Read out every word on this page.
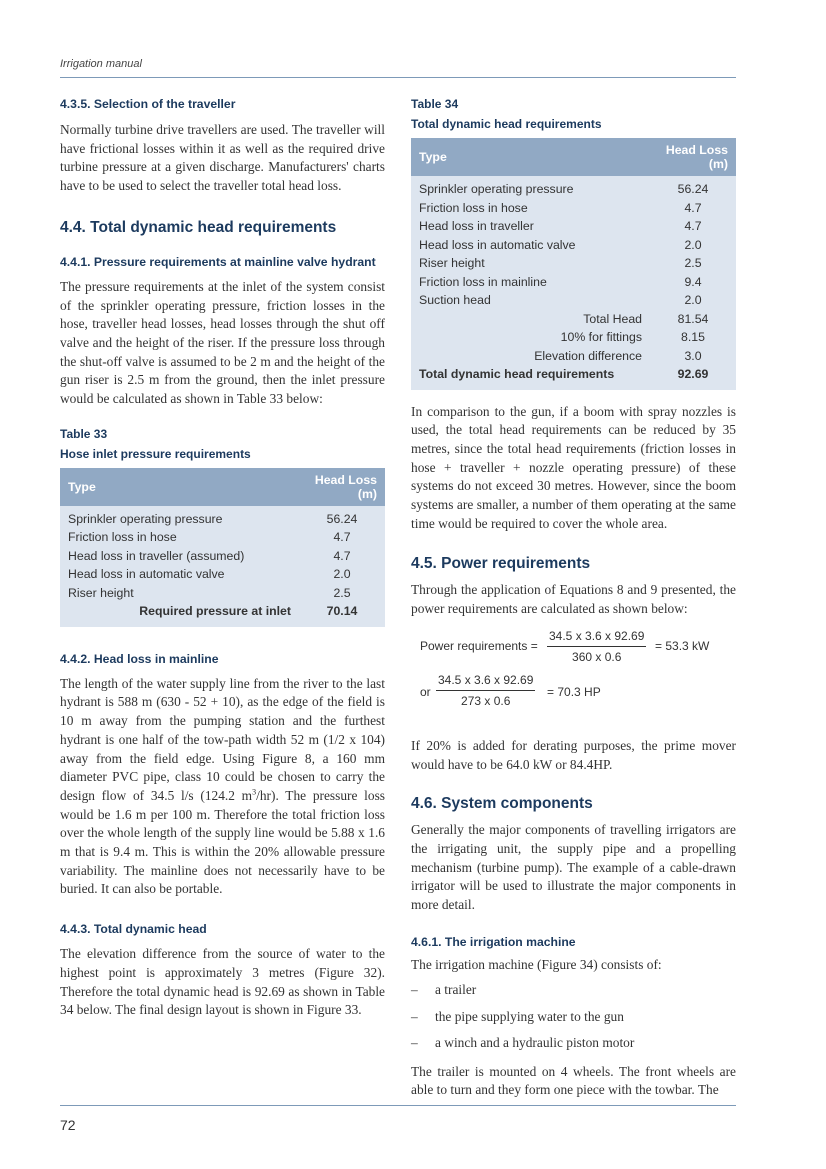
Irrigation manual
4.3.5. Selection of the traveller

Normally turbine drive travellers are used. The traveller will have frictional losses within it as well as the required drive turbine pressure at a given discharge. Manufacturers' charts have to be used to select the traveller total head loss.

4.4. Total dynamic head requirements
4.4.1. Pressure requirements at mainline valve hydrant

The pressure requirements at the inlet of the system consist of the sprinkler operating pressure, friction losses in the hose, traveller head losses, head losses through the shut off valve and the height of the riser. If the pressure loss through the shut-off valve is assumed to be 2 m and the height of the gun riser is 2.5 m from the ground, then the inlet pressure would be calculated as shown in Table 33 below:

Table 33
Hose inlet pressure requirements
Type	Head Loss (m)
Sprinkler operating pressure	56.24
Friction loss in hose	4.7
Head loss in traveller (assumed)	4.7
Head loss in automatic valve	2.0
Riser height	2.5
Required pressure at inlet	70.14
4.4.2. Head loss in mainline

The length of the water supply line from the river to the last hydrant is 588 m (630 - 52 + 10), as the edge of the field is 10 m away from the pumping station and the furthest hydrant is one half of the tow-path width 52 m (1/2 x 104) away from the field edge. Using Figure 8, a 160 mm diameter PVC pipe, class 10 could be chosen to carry the design flow of 34.5 l/s (124.2 $m^3/hr$). The pressure loss would be 1.6 m per 100 m. Therefore the total friction loss over the whole length of the supply line would be 5.88 x 1.6 m that is 9.4 m. This is within the 20% allowable pressure variability. The mainline does not necessarily have to be buried. It can also be portable.

4.4.3. Total dynamic head

The elevation difference from the source of water to the highest point is approximately 3 metres (Figure 32). Therefore the total dynamic head is 92.69 as shown in Table 34 below. The final design layout is shown in Figure 33.

Table 34
Total dynamic head requirements
Type	Head Loss (m)
Sprinkler operating pressure	56.24
Friction loss in hose	4.7
Head loss in traveller	4.7
Head loss in automatic valve	2.0
Riser height	2.5
Friction loss in mainline	9.4
Suction head	2.0
Total Head	81.54
10% for fittings	8.15
Elevation difference	3.0
Total dynamic head requirements	92.69

In comparison to the gun, if a boom with spray nozzles is used, the total head requirements can be reduced by 35 metres, since the total head requirements (friction losses in hose + traveller + nozzle operating pressure) of these systems do not exceed 30 metres. However, since the boom systems are smaller, a number of them operating at the same time would be required to cover the whole area.

4.5. Power requirements

Through the application of Equations 8 and 9 presented, the power requirements are calculated as shown below:

Power requirements = $\frac{34.5 x 3.6 x 92.69}{360 x 0.6} = 53.3$ kW
or $\frac{34.5 x 3.6 x 92.69}{273 x 0.6} = 70.3$ HP

If 20% is added for derating purposes, the prime mover would have to be 64.0 kW or 84.4HP.

4.6. System components

Generally the major components of travelling irrigators are the irrigating unit, the supply pipe and a propelling mechanism (turbine pump). The example of a cable-drawn irrigator will be used to illustrate the major components in more detail.

4.6.1. The irrigation machine

The irrigation machine (Figure 34) consists of:

– a trailer
– the pipe supplying water to the gun
– a winch and a hydraulic piston motor

The trailer is mounted on 4 wheels. The front wheels are able to turn and they form one piece with the towbar. The

72
